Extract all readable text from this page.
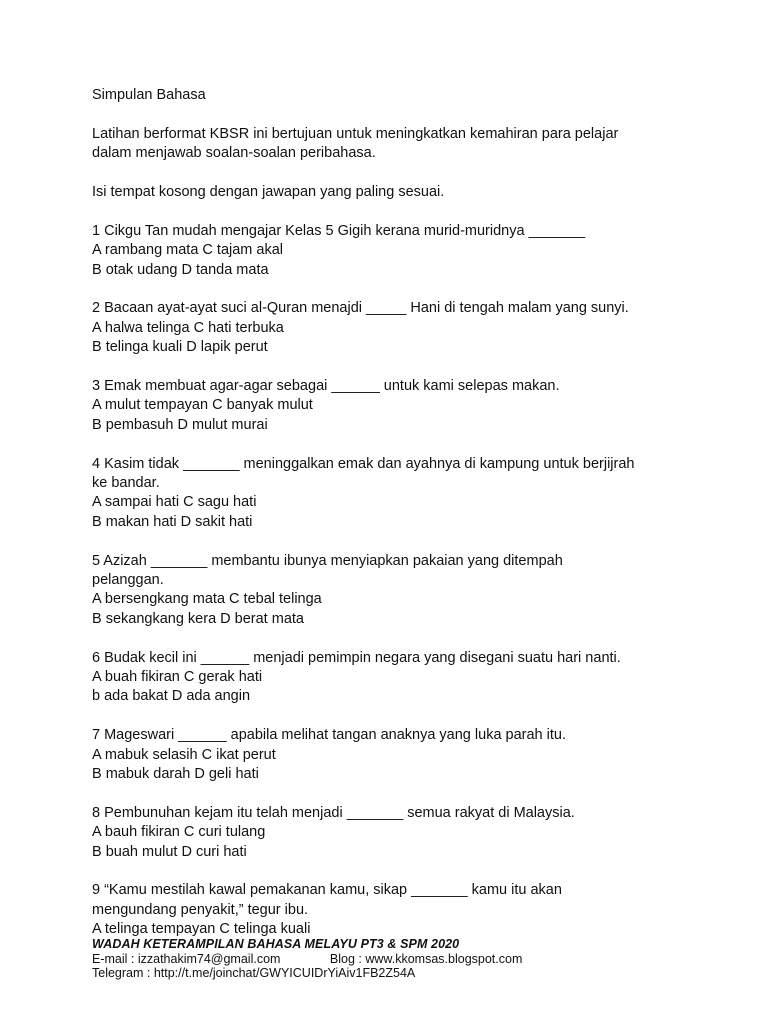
Simpulan Bahasa
Latihan berformat KBSR ini bertujuan untuk meningkatkan kemahiran para pelajar
dalam menjawab soalan-soalan peribahasa.
Isi tempat kosong dengan jawapan yang paling sesuai.
1 Cikgu Tan mudah mengajar Kelas 5 Gigih kerana murid-muridnya _______
A rambang mata C tajam akal
B otak udang D tanda mata
2 Bacaan ayat-ayat suci al-Quran menajdi _____ Hani di tengah malam yang sunyi.
A halwa telinga C hati terbuka
B telinga kuali D lapik perut
3 Emak membuat agar-agar sebagai ______ untuk kami selepas makan.
A mulut tempayan C banyak mulut
B pembasuh D mulut murai
4 Kasim tidak _______ meninggalkan emak dan ayahnya di kampung untuk berjijrah
ke bandar.
A sampai hati C sagu hati
B makan hati D sakit hati
5 Azizah _______ membantu ibunya menyiapkan pakaian yang ditempah
pelanggan.
A bersengkang mata C tebal telinga
B sekangkang kera D berat mata
6 Budak kecil ini ______ menjadi pemimpin negara yang disegani suatu hari nanti.
A buah fikiran C gerak hati
b ada bakat D ada angin
7 Mageswari ______ apabila melihat tangan anaknya yang luka parah itu.
A mabuk selasih C ikat perut
B mabuk darah D geli hati
8 Pembunuhan kejam itu telah menjadi _______ semua rakyat di Malaysia.
A bauh fikiran C curi tulang
B buah mulut D curi hati
9 “Kamu mestilah kawal pemakanan kamu, sikap _______ kamu itu akan
mengundang penyakit,” tegur ibu.
A telinga tempayan C telinga kuali
WADAH KETERAMPILAN BAHASA MELAYU PT3 & SPM 2020
E-mail : izzathakim74@gmail.com	Blog : www.kkomsas.blogspot.com
Telegram : http://t.me/joinchat/GWYICUIDrYiAiv1FB2Z54A
